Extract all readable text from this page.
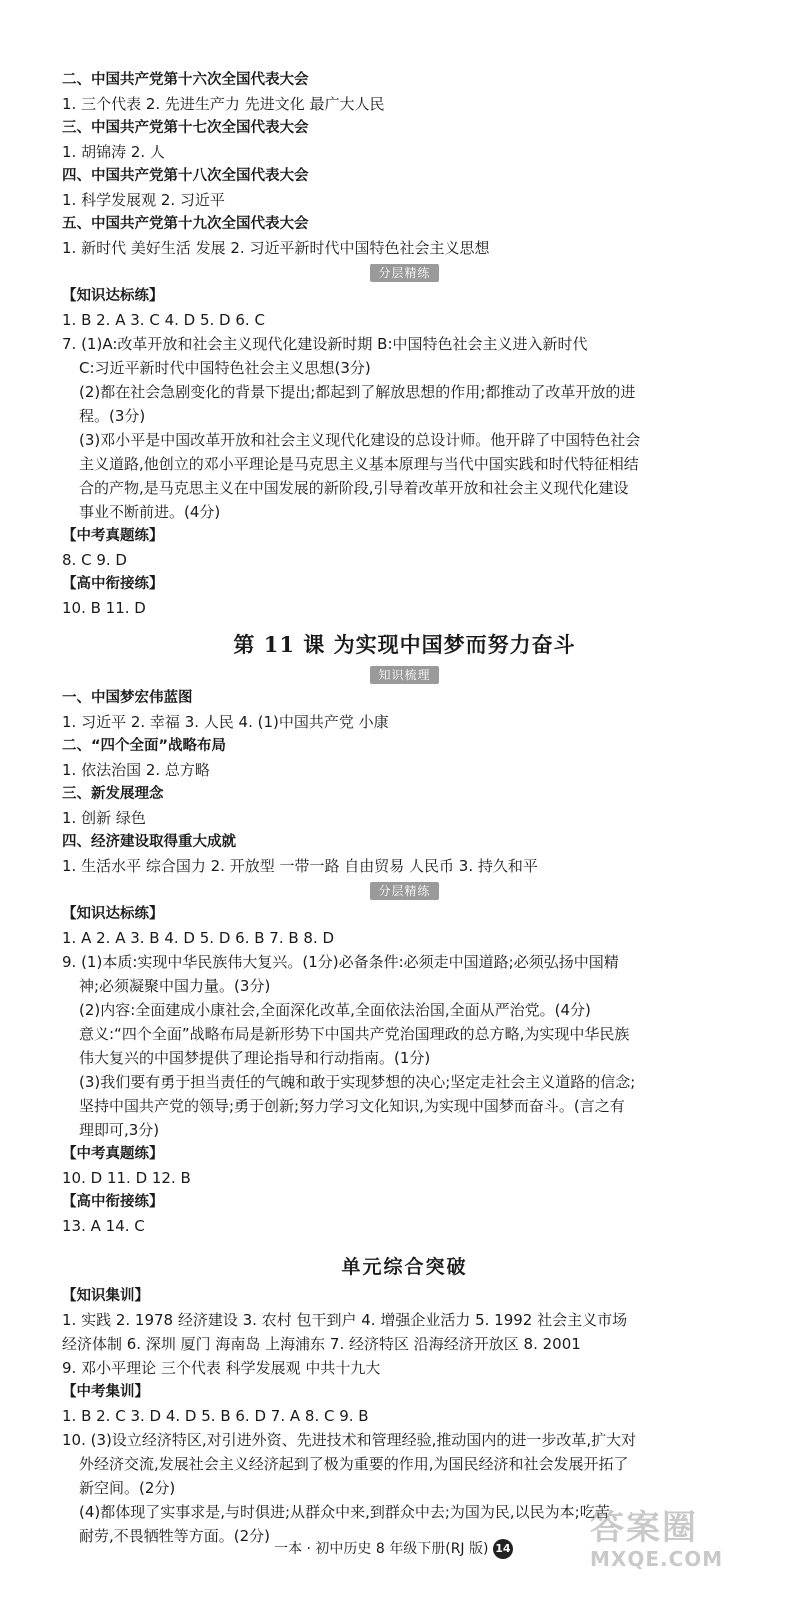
二、中国共产党第十六次全国代表大会
1. 三个代表 2. 先进生产力 先进文化 最广大人民
三、中国共产党第十七次全国代表大会
1. 胡锦涛 2. 人
四、中国共产党第十八次全国代表大会
1. 科学发展观 2. 习近平
五、中国共产党第十九次全国代表大会
1. 新时代 美好生活 发展 2. 习近平新时代中国特色社会主义思想
分层精练
【知识达标练】
1. B 2. A 3. C 4. D 5. D 6. C
7. (1)A:改革开放和社会主义现代化建设新时期 B:中国特色社会主义进入新时代
C:习近平新时代中国特色社会主义思想(3分)
(2)都在社会急剧变化的背景下提出;都起到了解放思想的作用;都推动了改革开放的进
程。(3分)
(3)邓小平是中国改革开放和社会主义现代化建设的总设计师。他开辟了中国特色社会
主义道路,他创立的邓小平理论是马克思主义基本原理与当代中国实践和时代特征相结
合的产物,是马克思主义在中国发展的新阶段,引导着改革开放和社会主义现代化建设
事业不断前进。(4分)
【中考真题练】
8. C 9. D
【高中衔接练】
10. B 11. D
第 11 课 为实现中国梦而努力奋斗
知识梳理
一、中国梦宏伟蓝图
1. 习近平 2. 幸福 3. 人民 4. (1)中国共产党 小康
二、“四个全面”战略布局
1. 依法治国 2. 总方略
三、新发展理念
1. 创新 绿色
四、经济建设取得重大成就
1. 生活水平 综合国力 2. 开放型 一带一路 自由贸易 人民币 3. 持久和平
分层精练
【知识达标练】
1. A 2. A 3. B 4. D 5. D 6. B 7. B 8. D
9. (1)本质:实现中华民族伟大复兴。(1分)必备条件:必须走中国道路;必须弘扬中国精
神;必须凝聚中国力量。(3分)
(2)内容:全面建成小康社会,全面深化改革,全面依法治国,全面从严治党。(4分)
意义:“四个全面”战略布局是新形势下中国共产党治国理政的总方略,为实现中华民族
伟大复兴的中国梦提供了理论指导和行动指南。(1分)
(3)我们要有勇于担当责任的气魄和敢于实现梦想的决心;坚定走社会主义道路的信念;
坚持中国共产党的领导;勇于创新;努力学习文化知识,为实现中国梦而奋斗。(言之有
理即可,3分)
【中考真题练】
10. D 11. D 12. B
【高中衔接练】
13. A 14. C
单元综合突破
【知识集训】
1. 实践 2. 1978 经济建设 3. 农村 包干到户 4. 增强企业活力 5. 1992 社会主义市场
经济体制 6. 深圳 厦门 海南岛 上海浦东 7. 经济特区 沿海经济开放区 8. 2001
9. 邓小平理论 三个代表 科学发展观 中共十九大
【中考集训】
1. B 2. C 3. D 4. D 5. B 6. D 7. A 8. C 9. B
10. (3)设立经济特区,对引进外资、先进技术和管理经验,推动国内的进一步改革,扩大对
外经济交流,发展社会主义经济起到了极为重要的作用,为国民经济和社会发展开拓了
新空间。(2分)
(4)都体现了实事求是,与时俱进;从群众中来,到群众中去;为国为民,以民为本;吃苦
耐劳,不畏牺牲等方面。(2分)
一本 · 初中历史 8 年级下册(RJ 版) 14
答案圈
MXQE.COM
